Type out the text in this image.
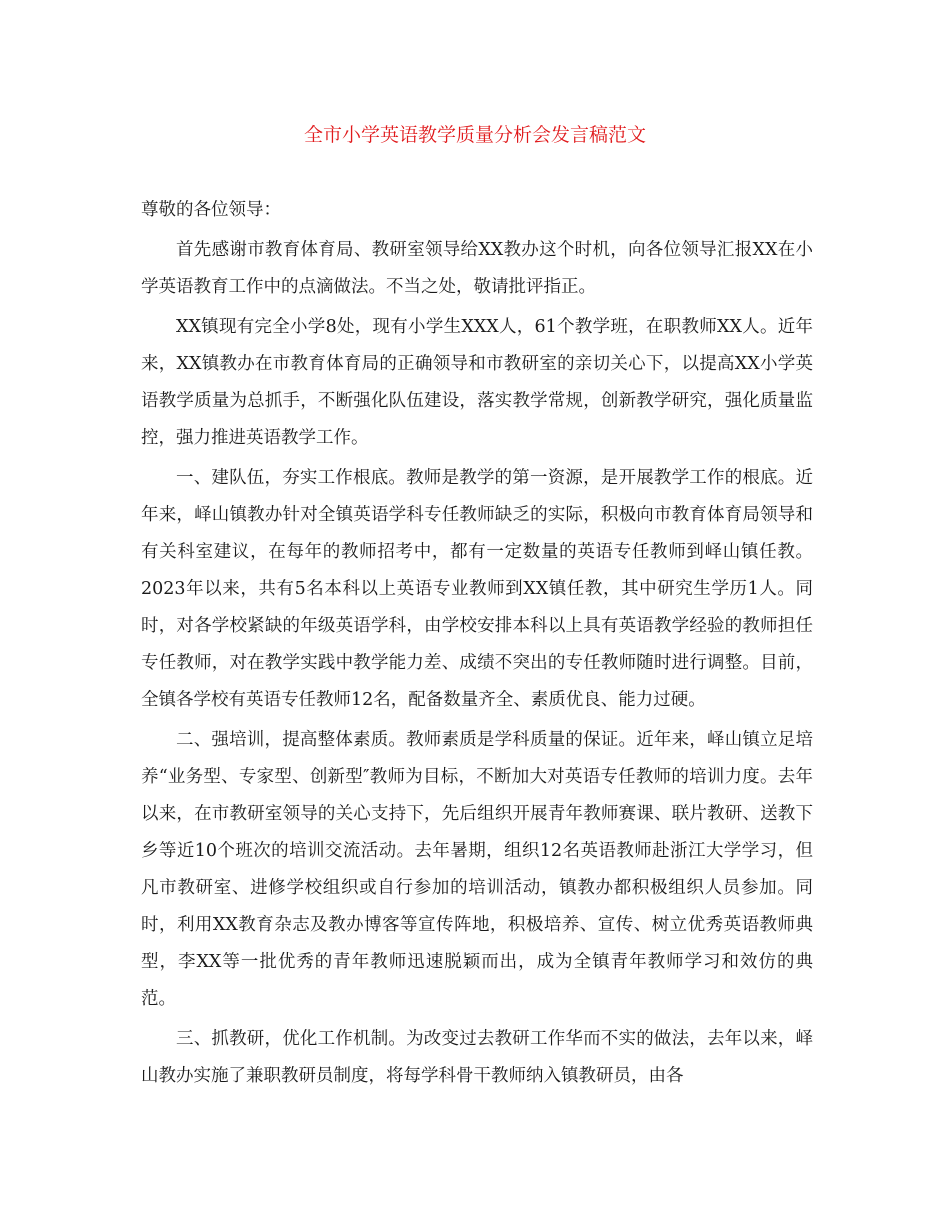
全市小学英语教学质量分析会发言稿范文

尊敬的各位领导：

首先感谢市教育体育局、教研室领导给XX教办这个时机，向各位领导汇报XX在小学英语教育工作中的点滴做法。不当之处，敬请批评指正。

XX镇现有完全小学8处，现有小学生XXX人，61个教学班，在职教师XX人。近年来，XX镇教办在市教育体育局的正确领导和市教研室的亲切关心下，以提高XX小学英语教学质量为总抓手，不断强化队伍建设，落实教学常规，创新教学研究，强化质量监控，强力推进英语教学工作。

一、建队伍，夯实工作根底。教师是教学的第一资源，是开展教学工作的根底。近年来，峄山镇教办针对全镇英语学科专任教师缺乏的实际，积极向市教育体育局领导和有关科室建议，在每年的教师招考中，都有一定数量的英语专任教师到峄山镇任教。2023年以来，共有5名本科以上英语专业教师到XX镇任教，其中研究生学历1人。同时，对各学校紧缺的年级英语学科，由学校安排本科以上具有英语教学经验的教师担任专任教师，对在教学实践中教学能力差、成绩不突出的专任教师随时进行调整。目前，全镇各学校有英语专任教师12名，配备数量齐全、素质优良、能力过硬。

二、强培训，提高整体素质。教师素质是学科质量的保证。近年来，峄山镇立足培养“业务型、专家型、创新型″教师为目标，不断加大对英语专任教师的培训力度。去年以来，在市教研室领导的关心支持下，先后组织开展青年教师赛课、联片教研、送教下乡等近10个班次的培训交流活动。去年暑期，组织12名英语教师赴浙江大学学习，但凡市教研室、进修学校组织或自行参加的培训活动，镇教办都积极组织人员参加。同时，利用XX教育杂志及教办博客等宣传阵地，积极培养、宣传、树立优秀英语教师典型，李XX等一批优秀的青年教师迅速脱颖而出，成为全镇青年教师学习和效仿的典范。

三、抓教研，优化工作机制。为改变过去教研工作华而不实的做法，去年以来，峄山教办实施了兼职教研员制度，将每学科骨干教师纳入镇教研员，由各
